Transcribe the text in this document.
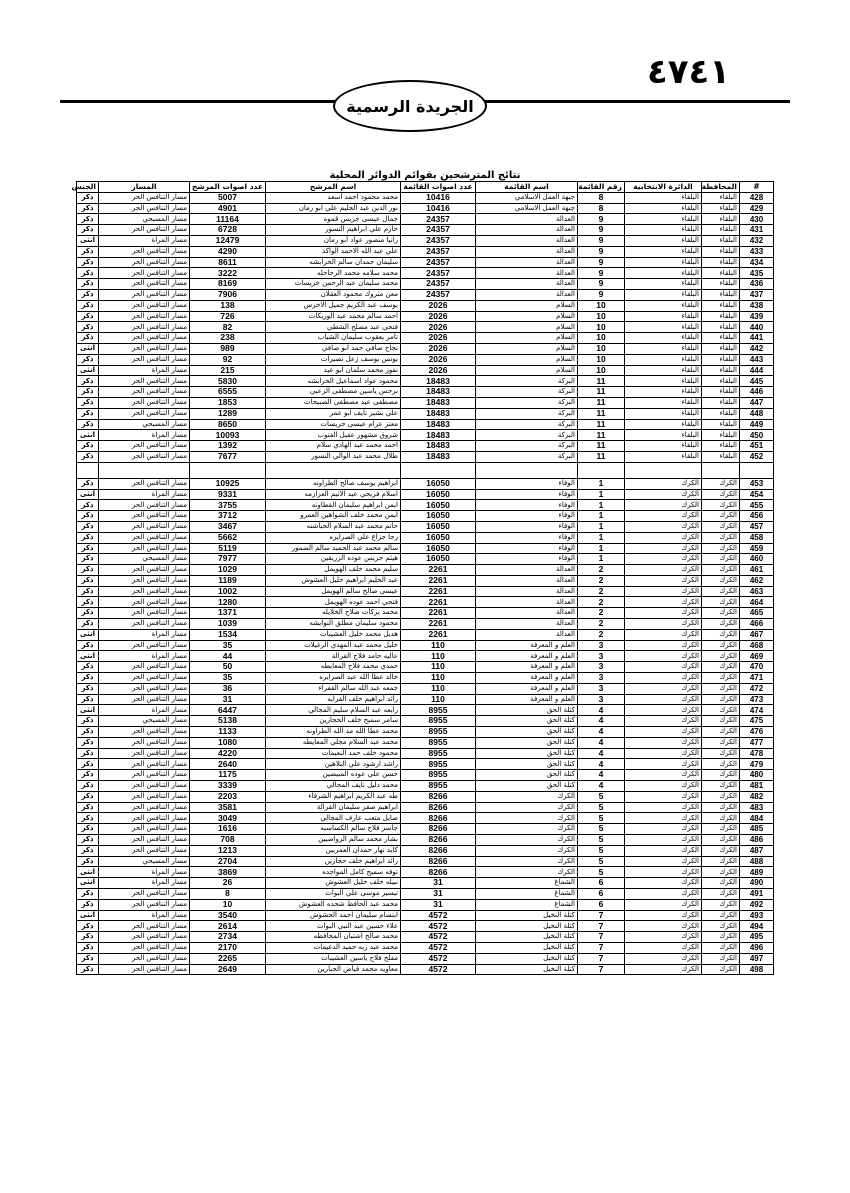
٤٧٤١
الجريدة الرسمية
نتائج المترشحين بقوائم الدوائر المحلية
#	المحافظة	الدائرة الانتخابية	رقم القائمة	اسم القائمة	عدد اصوات القائمة	اسم المرشح	عدد اصوات المرشح	المسار	الجنس
428	البلقاء	البلقاء	8	جبهة العمل الاسلامي	10416	محمد محمود احمد اسعد	5007	مسار التنافس الحر	ذكر
429	البلقاء	البلقاء	8	جبهة العمل الاسلامي	10416	نور الدين عبد الحليم علي ابو رمان	4901	مسار التنافس الحر	ذكر
430	البلقاء	البلقاء	9	العدالة	24357	جمال عيسى جريس قموه	11164	مسار المسيحي	ذكر
431	البلقاء	البلقاء	9	العدالة	24357	حازم علي ابراهيم النسور	6728	مسار التنافس الحر	ذكر
432	البلقاء	البلقاء	9	العدالة	24357	رانيا منصور عواد ابو رمان	12479	مسار المراة	انثى
433	البلقاء	البلقاء	9	العدالة	24357	علي عبد الله الاحمد الواكد	4290	مسار التنافس الحر	ذكر
434	البلقاء	البلقاء	9	العدالة	24357	سليمان حمدان سالم الخرابشه	8611	مسار التنافس الحر	ذكر
435	البلقاء	البلقاء	9	العدالة	24357	محمد سلامه محمد الرحاحله	3222	مسار التنافس الحر	ذكر
436	البلقاء	البلقاء	9	العدالة	24357	محمد سليمان عبد الرحمن خريسات	8169	مسار التنافس الحر	ذكر
437	البلقاء	البلقاء	9	العدالة	24357	معن متروك محمود العقلان	7906	مسار التنافس الحر	ذكر
438	البلقاء	البلقاء	10	السلام	2026	يوسف عبد الكريم جميل الاخرس	138	مسار التنافس الحر	ذكر
439	البلقاء	البلقاء	10	السلام	2026	احمد سالم محمد عبد الوريكات	726	مسار التنافس الحر	ذكر
440	البلقاء	البلقاء	10	السلام	2026	فتحي عبد مصلح الشطي	82	مسار التنافس الحر	ذكر
441	البلقاء	البلقاء	10	السلام	2026	تامر يعقوب سليمان الشياب	238	مسار التنافس الحر	ذكر
442	البلقاء	البلقاء	10	السلام	2026	نجاح صافي حمد ابو صافي	989	مسار التنافس الحر	انثى
443	البلقاء	البلقاء	10	السلام	2026	يونس يوسف زعل نصيرات	92	مسار التنافس الحر	ذكر
444	البلقاء	البلقاء	10	السلام	2026	نفوز محمد سلمان ابو عيد	215	مسار المراة	انثى
445	البلقاء	البلقاء	11	البركة	18483	محمود عواد اسماعيل الخرابشه	5830	مسار التنافس الحر	ذكر
446	البلقاء	البلقاء	11	البركة	18483	برجس ياسين مصطفى الزعبي	6555	مسار التنافس الحر	ذكر
447	البلقاء	البلقاء	11	البركة	18483	مصطفى عيد مصطفى الصبيحات	1853	مسار التنافس الحر	ذكر
448	البلقاء	البلقاء	11	البركة	18483	علي بشير نايف ابو عمر	1289	مسار التنافس الحر	ذكر
449	البلقاء	البلقاء	11	البركة	18483	معتز عزام عيسى جريسات	8650	مسار المسيحي	ذكر
450	البلقاء	البلقاء	11	البركة	18483	شروق مشهور عقيل القنوب	10093	مسار المراة	انثى
451	البلقاء	البلقاء	11	البركة	18483	احمد محمد عبد الهادي سلام	1392	مسار التنافس الحر	ذكر
452	البلقاء	البلقاء	11	البركة	18483	طلال محمد عبد الوالي النسور	7677	مسار التنافس الحر	ذكر

453	الكرك	الكرك	1	الوفاء	16050	ابراهيم يوسف صالح الطراونه	10925	مسار التنافس الحر	ذكر
454	الكرك	الكرك	1	الوفاء	16050	اسلام فريحي عبد الاثيم العزازمه	9331	مسار المراة	انثى
455	الكرك	الكرك	1	الوفاء	16050	ايمن ابراهيم سليمان القطاونه	3755	مسار التنافس الحر	ذكر
456	الكرك	الكرك	1	الوفاء	16050	ايمن محمد خلف الشواهين العمرو	3712	مسار التنافس الحر	ذكر
457	الكرك	الكرك	1	الوفاء	16050	حاتم محمد عبد السلام الحباشنه	3467	مسار التنافس الحر	ذكر
458	الكرك	الكرك	1	الوفاء	16050	رجا جزاع علي الصرايره	5662	مسار التنافس الحر	ذكر
459	الكرك	الكرك	1	الوفاء	16050	سالم محمد عبد الحميد سالم الضمور	5119	مسار التنافس الحر	ذكر
460	الكرك	الكرك	1	الوفاء	16050	هيثم جريس عوده الزريقين	7977	مسار المسيحي	ذكر
461	الكرك	الكرك	2	العدالة	2261	سليم محمد خلف الهويمل	1029	مسار التنافس الحر	ذكر
462	الكرك	الكرك	2	العدالة	2261	عبد الحليم ابراهيم خليل العشوش	1189	مسار التنافس الحر	ذكر
463	الكرك	الكرك	2	العدالة	2261	عيسى صالح سالم الهويمل	1002	مسار التنافس الحر	ذكر
464	الكرك	الكرك	2	العدالة	2261	فتحي احمد عوده الهويمل	1280	مسار التنافس الحر	ذكر
465	الكرك	الكرك	2	العدالة	2261	محمد بركات صلاح الخلايله	1371	مسار التنافس الحر	ذكر
466	الكرك	الكرك	2	العدالة	2261	محمود سليمان مطلق النوايشه	1039	مسار التنافس الحر	ذكر
467	الكرك	الكرك	2	العدالة	2261	هديل محمد خليل العشيبات	1534	مسار المراة	انثى
468	الكرك	الكرك	3	العلم و المعرفة	110	خليل محمد عبد المهدي الزغيلات	35	مسار التنافس الحر	ذكر
469	الكرك	الكرك	3	العلم و المعرفة	110	عاليه حامد فلاح القرالة	44	مسار المراة	انثى
470	الكرك	الكرك	3	العلم و المعرفة	110	حمدي محمد فلاح المعايطه	50	مسار التنافس الحر	ذكر
471	الكرك	الكرك	3	العلم و المعرفة	110	خالد عطا الله عبد الصرايره	35	مسار التنافس الحر	ذكر
472	الكرك	الكرك	3	العلم و المعرفة	110	جمعه عبد الله سالم القفراء	36	مسار التنافس الحر	ذكر
473	الكرك	الكرك	3	العلم و المعرفة	110	رائد ابراهيم خلف الفرايه	31	مسار التنافس الحر	ذكر
474	الكرك	الكرك	4	كتلة الحق	8955	رابعه عبد السلام سليم المجالي	6447	مسار المراة	انثى
475	الكرك	الكرك	4	كتلة الحق	8955	سامر سميح خلف الحجازين	5138	مسار المسيحي	ذكر
476	الكرك	الكرك	4	كتلة الحق	8955	محمد عطا الله مد الله الطراونه	1133	مسار التنافس الحر	ذكر
477	الكرك	الكرك	4	كتلة الحق	8955	محمد عبد السلام مجلي المعايطه	1080	مسار التنافس الحر	ذكر
478	الكرك	الكرك	4	كتلة الحق	8955	محمود خلف حمد النعيمات	4220	مسار التنافس الحر	ذكر
479	الكرك	الكرك	4	كتلة الحق	8955	راشد ارشود علي التلاهين	2640	مسار التنافس الحر	ذكر
480	الكرك	الكرك	4	كتلة الحق	8955	حسن علي عوده المبيضين	1175	مسار التنافس الحر	ذكر
481	الكرك	الكرك	4	كتلة الحق	8955	محمد دليل نايف المجالي	3339	مسار التنافس الحر	ذكر
482	الكرك	الكرك	5	الكرك	8266	طه عبد الكريم ابراهيم الشرفاء	2203	مسار التنافس الحر	ذكر
483	الكرك	الكرك	5	الكرك	8266	ابراهيم صقر سليمان القرالة	3581	مسار التنافس الحر	ذكر
484	الكرك	الكرك	5	الكرك	8266	صايل متعب عارف المجالي	3049	مسار التنافس الحر	ذكر
485	الكرك	الكرك	5	الكرك	8266	جاسر فلاح سالم الكساسبه	1616	مسار التنافس الحر	ذكر
486	الكرك	الكرك	5	الكرك	8266	بشار محمد سالم الرواضيين	708	مسار التنافس الحر	ذكر
487	الكرك	الكرك	5	الكرك	8266	كايد نهار حمدان العمريين	1213	مسار التنافس الحر	ذكر
488	الكرك	الكرك	5	الكرك	8266	رائد ابراهيم خلف حجازين	2704	مسار المسيحي	ذكر
489	الكرك	الكرك	5	الكرك	8266	توفه سميح كامل المواجده	3869	مسار المراة	انثى
490	الكرك	الكرك	6	الشماغ	31	نبيله خلف خليل العشوش	26	مسار المراة	انثى
491	الكرك	الكرك	6	الشماغ	31	تيسير موسى علي البوات	8	مسار التنافس الحر	ذكر
492	الكرك	الكرك	6	الشماغ	31	محمد عبد الحافظ شحده العشوش	10	مسار التنافس الحر	ذكر
493	الكرك	الكرك	7	كتلة النخيل	4572	ابتسام سليمان احمد الحشوش	3540	مسار المراة	انثى
494	الكرك	الكرك	7	كتلة النخيل	4572	علاء حسين عبد النبي البوات	2614	مسار التنافس الحر	ذكر
495	الكرك	الكرك	7	كتلة النخيل	4572	محمد صالح اشتيان المحافظه	2734	مسار التنافس الحر	ذكر
496	الكرك	الكرك	7	كتلة النخيل	4572	محمد عبد ربه حميد الدغيمات	2170	مسار التنافس الحر	ذكر
497	الكرك	الكرك	7	كتلة النخيل	4572	مفلح فلاح ياسين العشيبات	2265	مسار التنافس الحر	ذكر
498	الكرك	الكرك	7	كتلة النخيل	4572	معاويه محمد فياض الجبارين	2649	مسار التنافس الحر	ذكر
